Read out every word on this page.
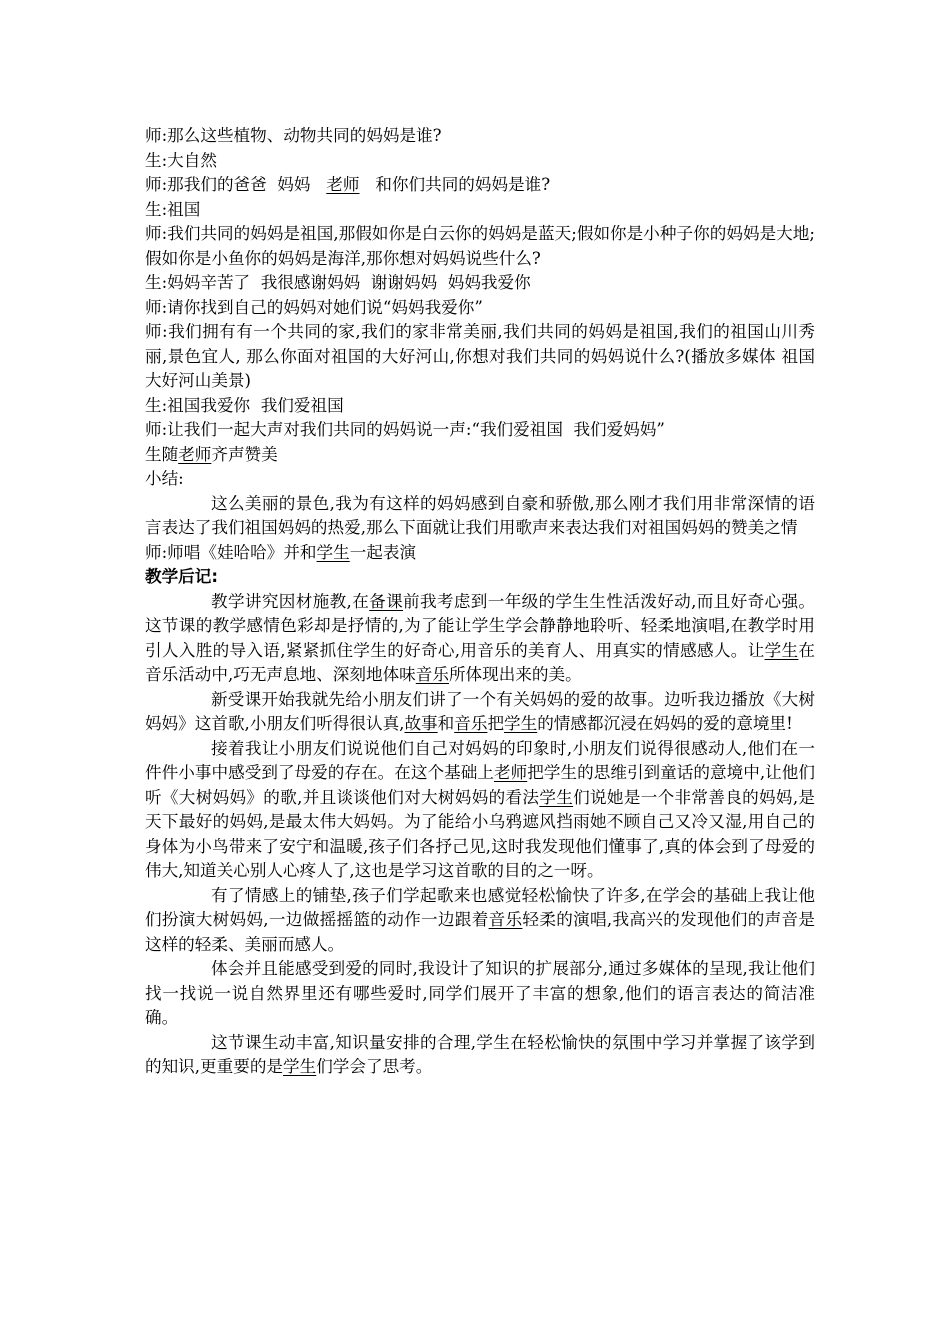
师:那么这些植物、动物共同的妈妈是谁?

生:大自然

师:那我们的爸爸  妈妈   老师   和你们共同的妈妈是谁?

生:祖国

师:我们共同的妈妈是祖国,那假如你是白云你的妈妈是蓝天;假如你是小种子你的妈妈是大地;假如你是小鱼你的妈妈是海洋,那你想对妈妈说些什么?

生:妈妈辛苦了  我很感谢妈妈  谢谢妈妈  妈妈我爱你

师:请你找到自己的妈妈对她们说“妈妈我爱你”

师:我们拥有有一个共同的家,我们的家非常美丽,我们共同的妈妈是祖国,我们的祖国山川秀丽,景色宜人, 那么你面对祖国的大好河山,你想对我们共同的妈妈说什么?(播放多媒体 祖国大好河山美景)

生:祖国我爱你  我们爱祖国

师:让我们一起大声对我们共同的妈妈说一声:“我们爱祖国  我们爱妈妈”

生随老师齐声赞美

小结:

这么美丽的景色,我为有这样的妈妈感到自豪和骄傲,那么刚才我们用非常深情的语言表达了我们祖国妈妈的热爱,那么下面就让我们用歌声来表达我们对祖国妈妈的赞美之情

师:师唱《娃哈哈》并和学生一起表演

教学后记:

教学讲究因材施教,在备课前我考虑到一年级的学生生性活泼好动,而且好奇心强。这节课的教学感情色彩却是抒情的,为了能让学生学会静静地聆听、轻柔地演唱,在教学时用引人入胜的导入语,紧紧抓住学生的好奇心,用音乐的美育人、用真实的情感感人。让学生在音乐活动中,巧无声息地、深刻地体味音乐所体现出来的美。

新受课开始我就先给小朋友们讲了一个有关妈妈的爱的故事。边听我边播放《大树妈妈》这首歌,小朋友们听得很认真,故事和音乐把学生的情感都沉浸在妈妈的爱的意境里!

接着我让小朋友们说说他们自己对妈妈的印象时,小朋友们说得很感动人,他们在一件件小事中感受到了母爱的存在。在这个基础上老师把学生的思维引到童话的意境中,让他们听《大树妈妈》的歌,并且谈谈他们对大树妈妈的看法学生们说她是一个非常善良的妈妈,是天下最好的妈妈,是最太伟大妈妈。为了能给小乌鸦遮风挡雨她不顾自己又冷又湿,用自己的身体为小鸟带来了安宁和温暖,孩子们各抒己见,这时我发现他们懂事了,真的体会到了母爱的伟大,知道关心别人心疼人了,这也是学习这首歌的目的之一呀。

有了情感上的铺垫,孩子们学起歌来也感觉轻松愉快了许多,在学会的基础上我让他们扮演大树妈妈,一边做摇摇篮的动作一边跟着音乐轻柔的演唱,我高兴的发现他们的声音是这样的轻柔、美丽而感人。

体会并且能感受到爱的同时,我设计了知识的扩展部分,通过多媒体的呈现,我让他们找一找说一说自然界里还有哪些爱时,同学们展开了丰富的想象,他们的语言表达的简洁准确。

这节课生动丰富,知识量安排的合理,学生在轻松愉快的氛围中学习并掌握了该学到的知识,更重要的是学生们学会了思考。
